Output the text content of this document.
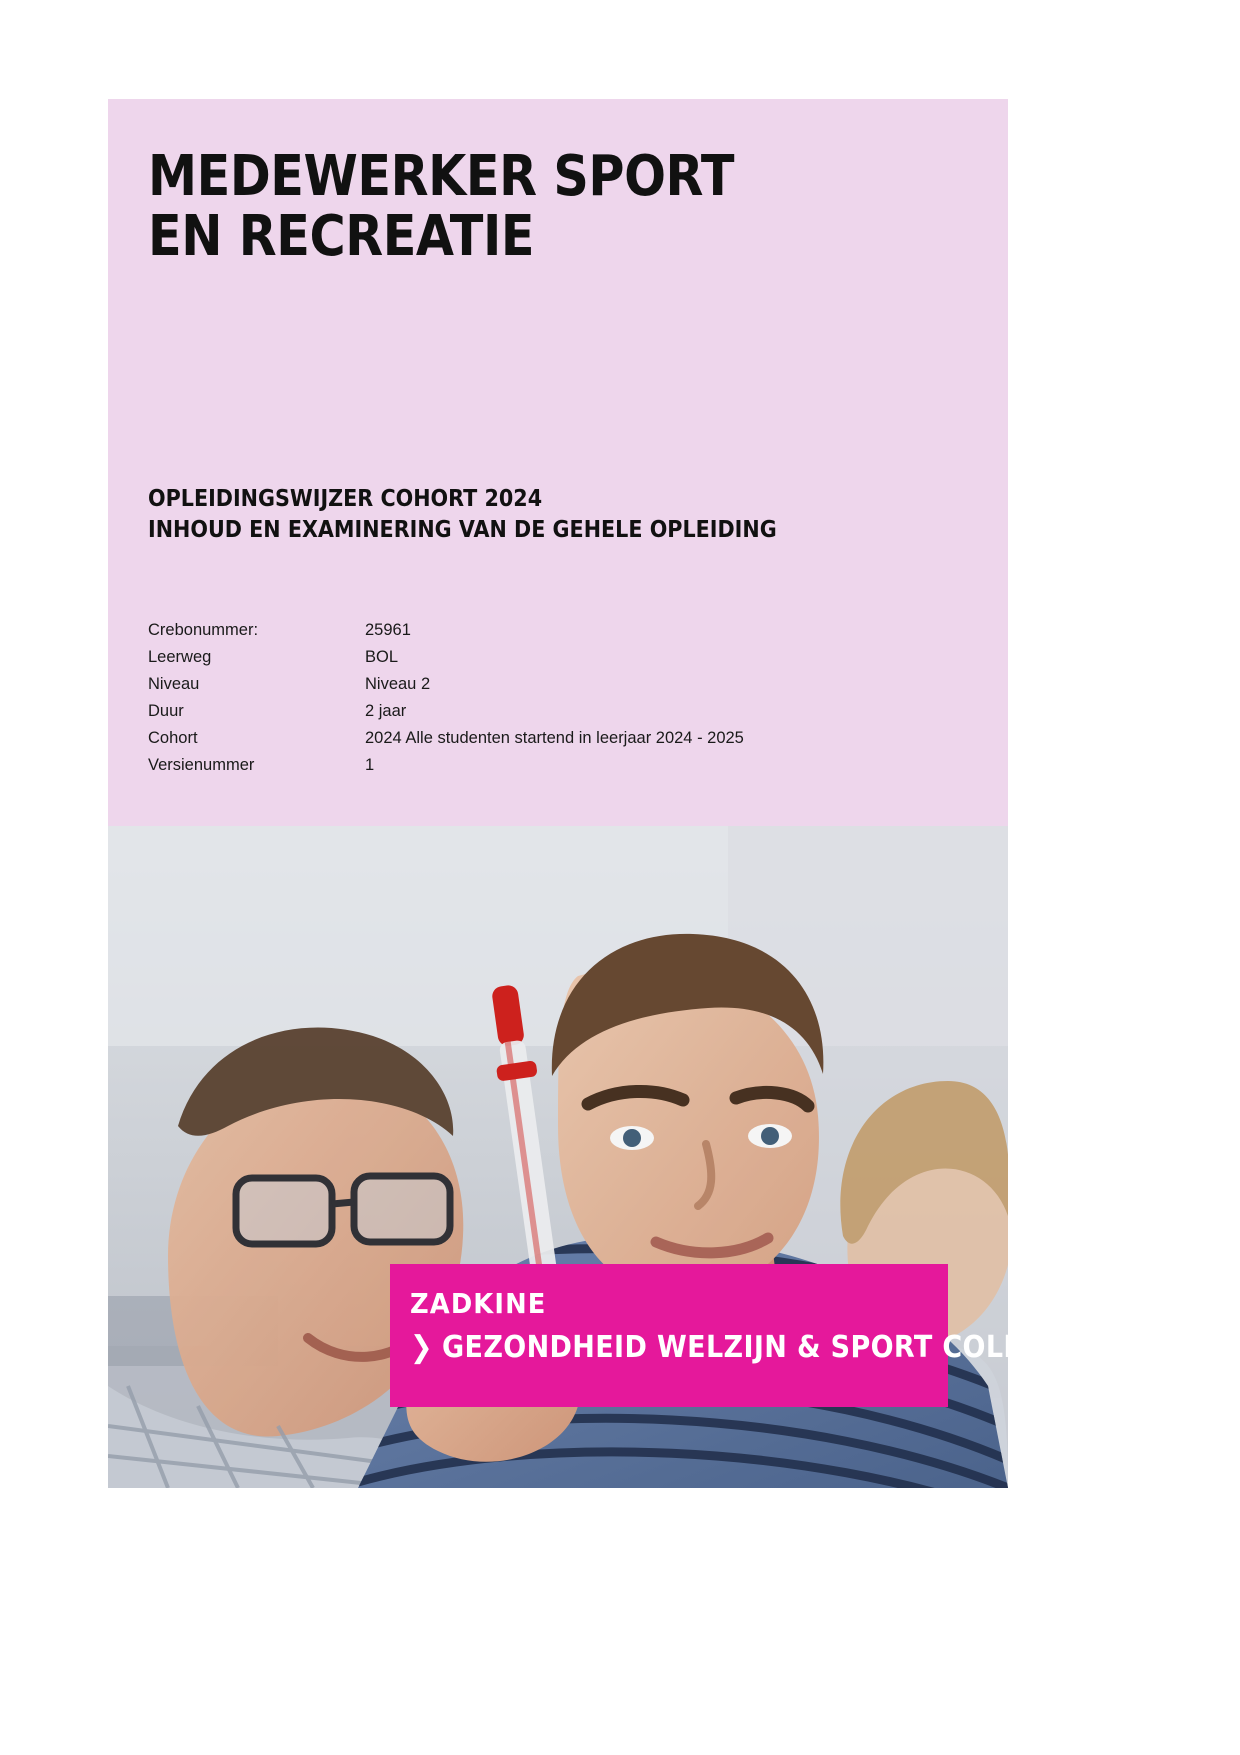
MEDEWERKER SPORT EN RECREATIE
OPLEIDINGSWIJZER COHORT 2024
INHOUD EN EXAMINERING VAN DE GEHELE OPLEIDING
Crebonummer:	25961
Leerweg	BOL
Niveau	Niveau 2
Duur	2 jaar
Cohort	2024 Alle studenten startend in leerjaar 2024 - 2025
Versienummer	1
ZADKINE
❯ GEZONDHEID WELZIJN & SPORT COLLEGE
